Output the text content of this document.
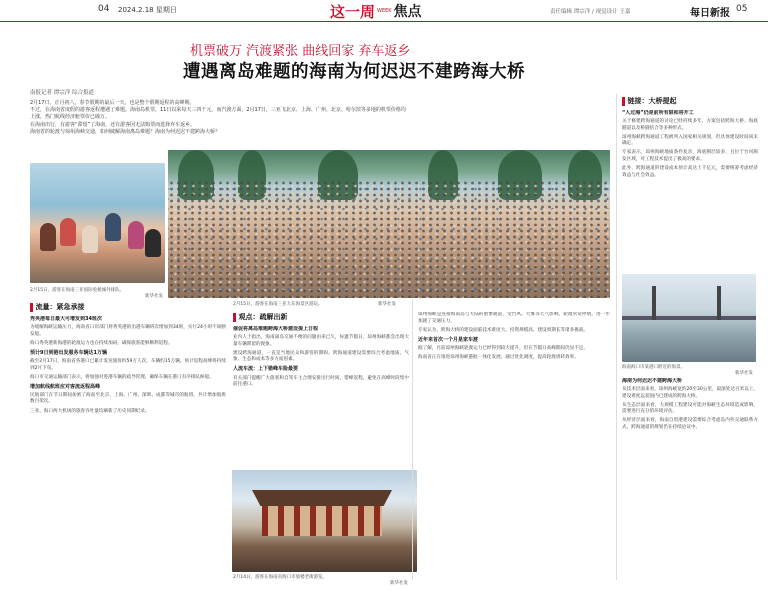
04 2024.2.18 星期日	这一周 WEEK 焦点	责任编辑 谭宗洋 / 视觉设计 王嘉	每日新报 05
机票破万 汽渡紧张 曲线回家 弃车返乡
遭遇离岛难题的海南为何迟迟不建跨海大桥
南报记者 谭宗洋 综合报道

2月17日，正月初八，春节假期的最后一天，也是整个假期返程的高峰期。

不过，在海南省度假的游客返程遭遇了难题。海南岛机票，11日以来每天三四千元，而汽渡方面，2月17日，三亚飞北京、上海、广州、北京、哈尔滨等多地的机票价格均上涨，热门航线经济舱票价已破万。

在海南出行，有游客“滞留”了海南，还有游客因无法购票而选择弃车返乡。

海南省的轮渡与琼州海峡交通，如何破解海南离岛难题？海南为何迟迟不建跨海大桥？

2月15日，游客在海南三亚国际免税城外排队。
新华社发
2月15日，游客在海南三亚大东海景区游玩。	新华社发
流量：紧急承接
观点：疏解出新
链接：大桥提起

秀英港每日最大可增发到34班次

为缓解海峡运输压力，海南省口岸部门将秀英港的出港车辆班次增加到34班，实行24小时不间断发船。

海口秀英港新海港的轮渡运力也在持续加码，确保旅客能够顺利返程。

预计9日到港出发服务车辆达1万辆

截至2月17日，海南省各港口已累计发送旅客约59万人次，车辆约15万辆。预计返程高峰将持续到2月下旬。

海口市交通运输部门表示，将加强对进港车辆的疏导管理，确保车辆在港口有序排队候船。

增加航线航班应对客流返程高峰

民航部门在节日期间加密了海南至北京、上海、广州、深圳、成都等城市的航班，共计增加航班数百架次。

三亚、海口两大机场的旅客吞吐量均刷新了历史同期纪录。

催促将离岛难题跨海大桥建设提上日程

业内人士指出，海南离岛交通不便的问题由来已久，每逢节假日，琼州海峡都会出现大量车辆滞留的现象。

建设跨海通道，一直是当地民众和游客的期盼。跨海通道建设需要综合考虑地质、气象、生态和成本等多方面因素。

人流车流：上下错峰车险最要

有关部门提醒广大旅客和自驾车主合理安排出行时间，错峰返程，避免在高峰时段集中前往港口。

2月14日，游客在海南省海口市骑楼老街游览。
新华社发

琼州海峡是连接海南岛与大陆的重要通道，受台风、大雾等天气影响，轮渡常常停航，进一步加剧了交通压力。

专家认为，跨海大桥的建设面临技术难度大、投资规模高、建设周期长等诸多挑战。

近年来首次一个月是家车渡

据了解，目前琼州海峡轮渡运力已经得到较大提升，但在节假日高峰期间仍显不足。

海南省正在推进琼州海峡港航一体化发展，通过优化调度，提高轮渡周转效率。

“人过海”仍是前所有限和将开工

关于修建跨海通道的讨论已经持续多年，方案包括跨海大桥、海底隧道以及桥隧结合等多种形式。

琼州海峡跨海通道工程被列入国家相关规划，但具体建设时间尚未确定。

专家表示，琼州海峡地质条件复杂，海底断层较多，且位于台风频发区域，对工程技术提出了极高的要求。

此外，跨海通道的建设成本预计高达上千亿元，需要统筹考虑经济效益与社会效益。

海南海口市某港口附近的海景。
新华社发

海南为何迟迟不建跨海大桥

从技术层面来看，琼州海峡宽约20至30公里，最深处达百米以上，建设难度远超国内已建成的跨海大桥。

从生态层面来看，大规模工程建设可能对海峡生态环境造成影响，需要进行充分的环境评估。

从经济层面来看，海南自贸港建设需要综合考虑岛内外交通联系方式，跨海通道的规划仍在持续论证中。
